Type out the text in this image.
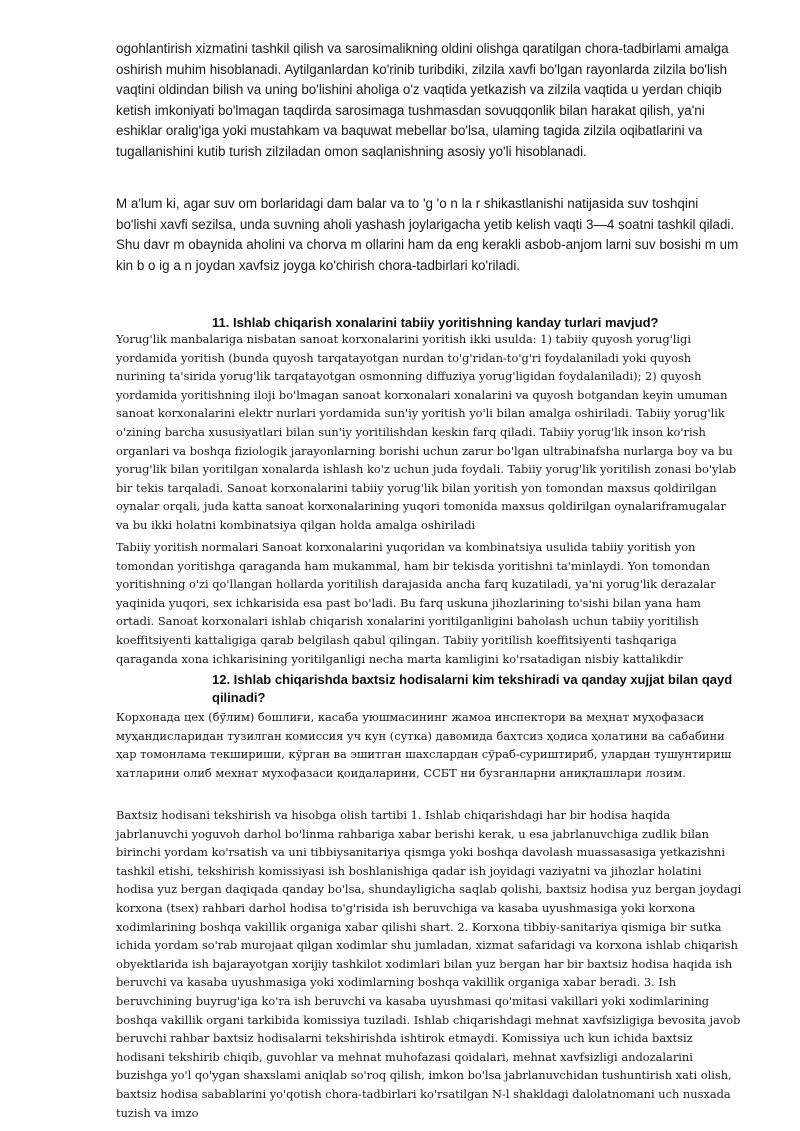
ogohlantirish xizmatini tashkil qilish va sarosimalikning oldini olishga qaratilgan chora-tadbirlami amalga oshirish muhim hisoblanadi. Aytilganlardan ko'rinib turibdiki, zilzila xavfi bo'lgan rayonlarda zilzila bo'lish vaqtini oldindan bilish va uning bo'lishini aholiga o'z vaqtida yetkazish va zilzila vaqtida u yerdan chiqib ketish imkoniyati bo'lmagan taqdirda sarosimaga tushmasdan sovuqqonlik bilan harakat qilish, ya'ni eshiklar oralig'iga yoki mustahkam va baquwat mebellar bo'lsa, ulaming tagida zilzila oqibatlarini va tugallanishini kutib turish zilziladan omon saqlanishning asosiy yo'li hisoblanadi.

M a'lum ki, agar suv om borlaridagi dam balar va to 'g 'o n la r shikastlanishi natijasida suv toshqini bo'lishi xavfi sezilsa, unda suvning aholi yashash joylarigacha yetib kelish vaqti 3—4 soatni tashkil qiladi. Shu davr m obaynida aholini va chorva m ollarini ham da eng kerakli asbob-anjom larni suv bosishi m um kin b o ig a n joydan xavfsiz joyga ko'chirish chora-tadbirlari ko'riladi.

11. Ishlab chiqarish xonalarini tabiiy yoritishning kanday turlari mavjud?

Yorug'lik manbalariga nisbatan sanoat korxonalarini yoritish ikki usulda: 1) tabiiy quyosh yorug'ligi yordamida yoritish (bunda quyosh tarqatayotgan nurdan to'g'ridan-to'g'ri foydalaniladi yoki quyosh nurining ta'sirida yorug'lik tarqatayotgan osmonning diffuziya yorug'ligidan foydalaniladi); 2) quyosh yordamida yoritishning iloji bo'lmagan sanoat korxonalari xonalarini va quyosh botgandan keyin umuman sanoat korxonalarini elektr nurlari yordamida sun'iy yoritish yo'li bilan amalga oshiriladi. Tabiiy yorug'lik o'zining barcha xususiyatlari bilan sun'iy yoritilishdan keskin farq qiladi. Tabiiy yorug'lik inson ko'rish organlari va boshqa fiziologik jarayonlarning borishi uchun zarur bo'lgan ultrabinafsha nurlarga boy va bu yorug'lik bilan yoritilgan xonalarda ishlash ko'z uchun juda foydali. Tabiiy yorug'lik yoritilish zonasi bo'ylab bir tekis tarqaladi. Sanoat korxonalarini tabiiy yorug'lik bilan yoritish yon tomondan maxsus qoldirilgan oynalar orqali, juda katta sanoat korxonalarining yuqori tomonida maxsus qoldirilgan oynalariframugalar va bu ikki holatni kombinatsiya qilgan holda amalga oshiriladi

Tabiiy yoritish normalari Sanoat korxonalarini yuqoridan va kombinatsiya usulida tabiiy yoritish yon tomondan yoritishga qaraganda ham mukammal, ham bir tekisda yoritishni ta'minlaydi. Yon tomondan yoritishning o'zi qo'llangan hollarda yoritilish darajasida ancha farq kuzatiladi, ya'ni yorug'lik derazalar yaqinida yuqori, sex ichkarisida esa past bo'ladi. Bu farq uskuna jihozlarining to'sishi bilan yana ham ortadi. Sanoat korxonalari ishlab chiqarish xonalarini yoritilganligini baholash uchun tabiiy yoritilish koeffitsiyenti kattaligiga qarab belgilash qabul qilingan. Tabiiy yoritilish koeffitsiyenti tashqariga qaraganda xona ichkarisining yoritilganligi necha marta kamligini ko'rsatadigan nisbiy kattalikdir

12. Ishlab chiqarishda baxtsiz hodisalarni kim tekshiradi va qanday xujjat bilan qayd qilinadi?

Корхонада цех (бўлим) бошлиғи, касаба уюшмасининг жамоа инспектори ва меҳнат муҳофазаси муҳандисларидан тузилган комиссия уч кун (сутка) давомида бахтсиз ҳодиса ҳолатини ва сабабини ҳар томонлама текшириши, кўрган ва эшитган шахслардан сўраб-суриштириб, улардан тушунтириш хатларини олиб мехнат мухофазаси қоидаларини, ССБТ ни бузганларни аниқлашлари лозим.

Baxtsiz hodisani tekshirish va hisobga olish tartibi 1. Ishlab chiqarishdagi har bir hodisa haqida jabrlanuvchi yoguvoh darhol bo'linma rahbariga xabar berishi kerak, u esa jabrlanuvchiga zudlik bilan birinchi yordam ko'rsatish va uni tibbiysanitariya qismga yoki boshqa davolash muassasasiga yetkazishni tashkil etishi, tekshirish komissiyasi ish boshlanishiga qadar ish joyidagi vaziyatni va jihozlar holatini hodisa yuz bergan daqiqada qanday bo'lsa, shundayligicha saqlab qolishi, baxtsiz hodisa yuz bergan joydagi korxona (tsex) rahbari darhol hodisa to'g'risida ish beruvchiga va kasaba uyushmasiga yoki korxona xodimlarining boshqa vakillik organiga xabar qilishi shart. 2. Korxona tibbiy-sanitariya qismiga bir sutka ichida yordam so'rab murojaat qilgan xodimlar shu jumladan, xizmat safaridagi va korxona ishlab chiqarish obyektlarida ish bajarayotgan xorijiy tashkilot xodimlari bilan yuz bergan har bir baxtsiz hodisa haqida ish beruvchi va kasaba uyushmasiga yoki xodimlarning boshqa vakillik organiga xabar beradi. 3. Ish beruvchining buyrug'iga ko'ra ish beruvchi va kasaba uyushmasi qo'mitasi vakillari yoki xodimlarining boshqa vakillik organi tarkibida komissiya tuziladi. Ishlab chiqarishdagi mehnat xavfsizligiga bevosita javob beruvchi rahbar baxtsiz hodisalarni tekshirishda ishtirok etmaydi. Komissiya uch kun ichida baxtsiz hodisani tekshirib chiqib, guvohlar va mehnat muhofazasi qoidalari, mehnat xavfsizligi andozalarini buzishga yo'l qo'ygan shaxslami aniqlab so'roq qilish, imkon bo'lsa jabrlanuvchidan tushuntirish xati olish, baxtsiz hodisa sabablarini yo'qotish chora-tadbirlari ko'rsatilgan N-l shakldagi dalolatnomani uch nusxada tuzish va imzo
